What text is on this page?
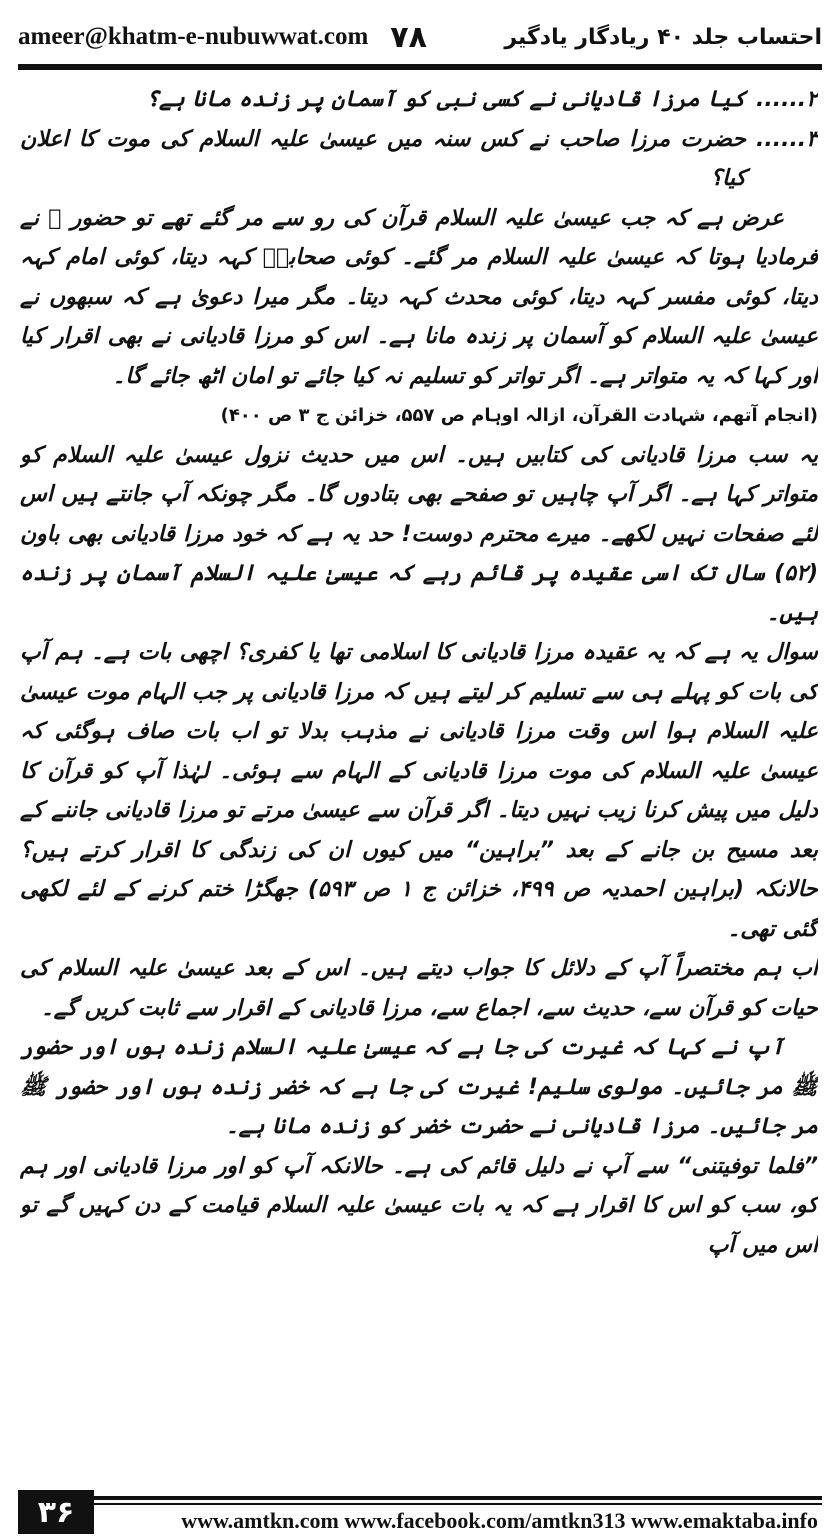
ameer@khatm-e-nubuwwat.com ۷۸	احتساب جلد ۴۰ ریادگار یادگیر
۲......
کیا مرزا قادیانی نے کسی نبی کو آسمان پر زندہ مانا ہے؟
۳......
حضرت مرزا صاحب نے کس سنہ میں عیسیٰ علیہ السلام کی موت کا اعلان کیا؟

عرض ہے کہ جب عیسیٰ علیہ السلام قرآن کی رو سے مر گئے تھے تو حضور ﷺ نے فرمادیا ہوتا کہ عیسیٰ علیہ السلام مر گئے۔ کوئی صحابیؓ کہہ دیتا، کوئی امام کہہ دیتا، کوئی مفسر کہہ دیتا، کوئی محدث کہہ دیتا۔ مگر میرا دعویٰ ہے کہ سبھوں نے عیسیٰ علیہ السلام کو آسمان پر زندہ مانا ہے۔ اس کو مرزا قادیانی نے بھی اقرار کیا اور کہا کہ یہ متواتر ہے۔ اگر تواتر کو تسلیم نہ کیا جائے تو امان اٹھ جائے گا۔

(انجام آتھم، شہادت القرآن، ازالہ اوہام ص ۵۵۷، خزائن ج ۳ ص ۴۰۰)

یہ سب مرزا قادیانی کی کتابیں ہیں۔ اس میں حدیث نزول عیسیٰ علیہ السلام کو متواتر کہا ہے۔ اگر آپ چاہیں تو صفحے بھی بتادوں گا۔ مگر چونکہ آپ جانتے ہیں اس لئے صفحات نہیں لکھے۔ میرے محترم دوست! حد یہ ہے کہ خود مرزا قادیانی بھی باون (۵۲) سال تک اسی عقیدہ پر قائم رہے کہ عیسیٰ علیہ السلام آسمان پر زندہ ہیں۔

سوال یہ ہے کہ یہ عقیدہ مرزا قادیانی کا اسلامی تھا یا کفری؟ اچھی بات ہے۔ ہم آپ کی بات کو پہلے ہی سے تسلیم کر لیتے ہیں کہ مرزا قادیانی پر جب الہام موت عیسیٰ علیہ السلام ہوا اس وقت مرزا قادیانی نے مذہب بدلا تو اب بات صاف ہوگئی کہ عیسیٰ علیہ السلام کی موت مرزا قادیانی کے الہام سے ہوئی۔ لہٰذا آپ کو قرآن کا دلیل میں پیش کرنا زیب نہیں دیتا۔ اگر قرآن سے عیسیٰ مرتے تو مرزا قادیانی جاننے کے بعد مسیح بن جانے کے بعد ”براہین“ میں کیوں ان کی زندگی کا اقرار کرتے ہیں؟ حالانکہ (براہین احمدیہ ص ۴۹۹، خزائن ج ۱ ص ۵۹۳) جھگڑا ختم کرنے کے لئے لکھی گئی تھی۔

اب ہم مختصراً آپ کے دلائل کا جواب دیتے ہیں۔ اس کے بعد عیسیٰ علیہ السلام کی حیات کو قرآن سے، حدیث سے، اجماع سے، مرزا قادیانی کے اقرار سے ثابت کریں گے۔

آپ نے کہا کہ غیرت کی جا ہے کہ عیسیٰ علیہ السلام زندہ ہوں اور حضور ﷺ مر جائیں۔ مولوی سلیم! غیرت کی جا ہے کہ خضر زندہ ہوں اور حضور ﷺ مر جائیں۔ مرزا قادیانی نے حضرت خضر کو زندہ مانا ہے۔

”فلما توفیتنی“ سے آپ نے دلیل قائم کی ہے۔ حالانکہ آپ کو اور مرزا قادیانی اور ہم کو، سب کو اس کا اقرار ہے کہ یہ بات عیسیٰ علیہ السلام قیامت کے دن کہیں گے تو اس میں آپ

۳۶	www.amtkn.com www.facebook.com/amtkn313 www.emaktaba.info
